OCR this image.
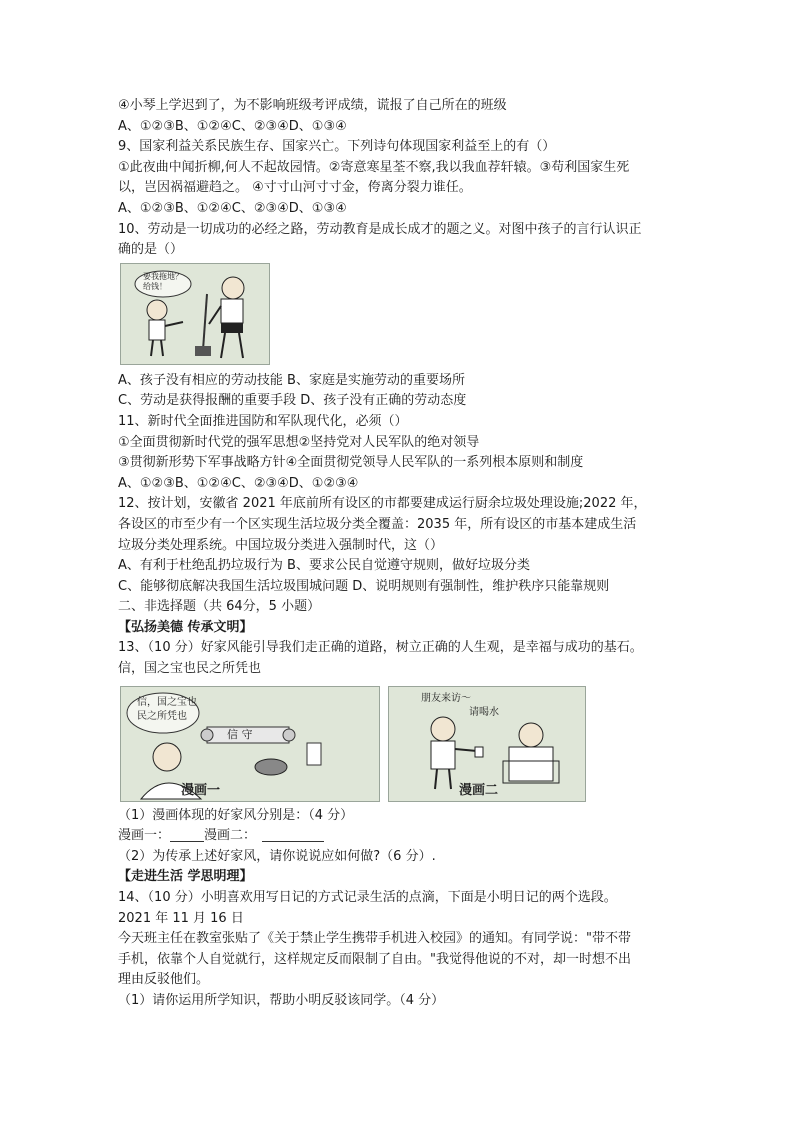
④小琴上学迟到了，为不影响班级考评成绩，谎报了自己所在的班级
A、①②③B、①②④C、②③④D、①③④
9、国家利益关系民族生存、国家兴亡。下列诗句体现国家利益至上的有（）
①此夜曲中闻折柳,何人不起故园情。②寄意寒星荃不察,我以我血荐轩辕。③苟利国家生死
以，岂因祸福避趋之。 ④寸寸山河寸寸金，侉离分裂力谁任。
A、①②③B、①②④C、②③④D、①③④
10、劳动是一切成功的必经之路，劳动教育是成长成才的题之义。对图中孩子的言行认识正
确的是（）
要我拖地？给钱！
A、孩子没有相应的劳动技能 B、家庭是实施劳动的重要场所
C、劳动是获得报酬的重要手段 D、孩子没有正确的劳动态度
11、新时代全面推进国防和军队现代化，必须（）
①全面贯彻新时代党的强军思想②坚持党对人民军队的绝对领导
③贯彻新形势下军事战略方针④全面贯彻党领导人民军队的一系列根本原则和制度
A、①②③B、①②④C、②③④D、①②③④
12、按计划，安徽省 2021 年底前所有设区的市都要建成运行厨余垃圾处理设施;2022 年，
各设区的市至少有一个区实现生活垃圾分类全覆盖：2035 年，所有设区的市基本建成生活
垃圾分类处理系统。中国垃圾分类进入强制时代，这（）
A、有利于杜绝乱扔垃圾行为 B、要求公民自觉遵守规则，做好垃圾分类
C、能够彻底解决我国生活垃圾围城问题 D、说明规则有强制性，维护秩序只能靠规则
二、非选择题（共 64分，5 小题）
【弘扬美德 传承文明】
13、（10 分）好家风能引导我们走正确的道路，树立正确的人生观，是幸福与成功的基石。
信，国之宝也民之所凭也
信，国之宝也
民之所凭也
信 守
漫画一
朋友来访～
请喝水
漫画二
（1）漫画体现的好家风分别是：（4 分）
漫画一：	漫画二：
（2）为传承上述好家风，请你说说应如何做?（6 分）.
【走进生活 学思明理】
14、（10 分）小明喜欢用写日记的方式记录生活的点滴，下面是小明日记的两个选段。
2021 年 11 月 16 日
今天班主任在教室张贴了《关于禁止学生携带手机进入校园》的通知。有同学说："带不带
手机，依靠个人自觉就行，这样规定反而限制了自由。"我觉得他说的不对，却一时想不出
理由反驳他们。
（1）请你运用所学知识，帮助小明反驳该同学。（4 分）
